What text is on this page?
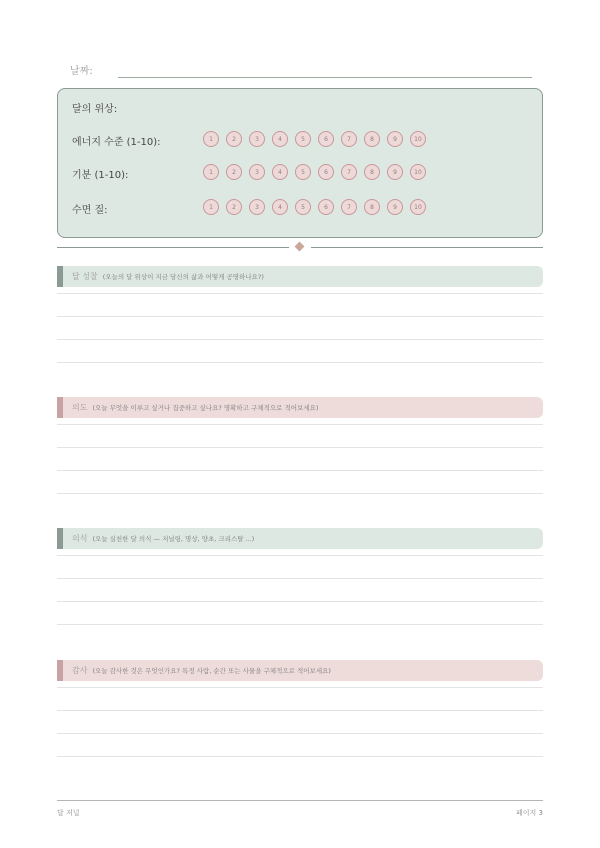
날짜:
달의 위상:
에너지 수준 (1-10):	1	2	3	4	5	6	7	8	9	10
기분 (1-10):	1	2	3	4	5	6	7	8	9	10
수면 질:	1	2	3	4	5	6	7	8	9	10
달 성찰 (오늘의 달 위상이 지금 당신의 삶과 어떻게 공명하나요?)
의도 (오늘 무엇을 이루고 싶거나 집중하고 싶나요? 명확하고 구체적으로 적어보세요)
의식 (오늘 실천한 달 의식 — 저널링, 명상, 양초, 크리스탈 ...)
감사 (오늘 감사한 것은 무엇인가요? 특정 사람, 순간 또는 사물을 구체적으로 적어보세요)
달 저널	페이지 3
